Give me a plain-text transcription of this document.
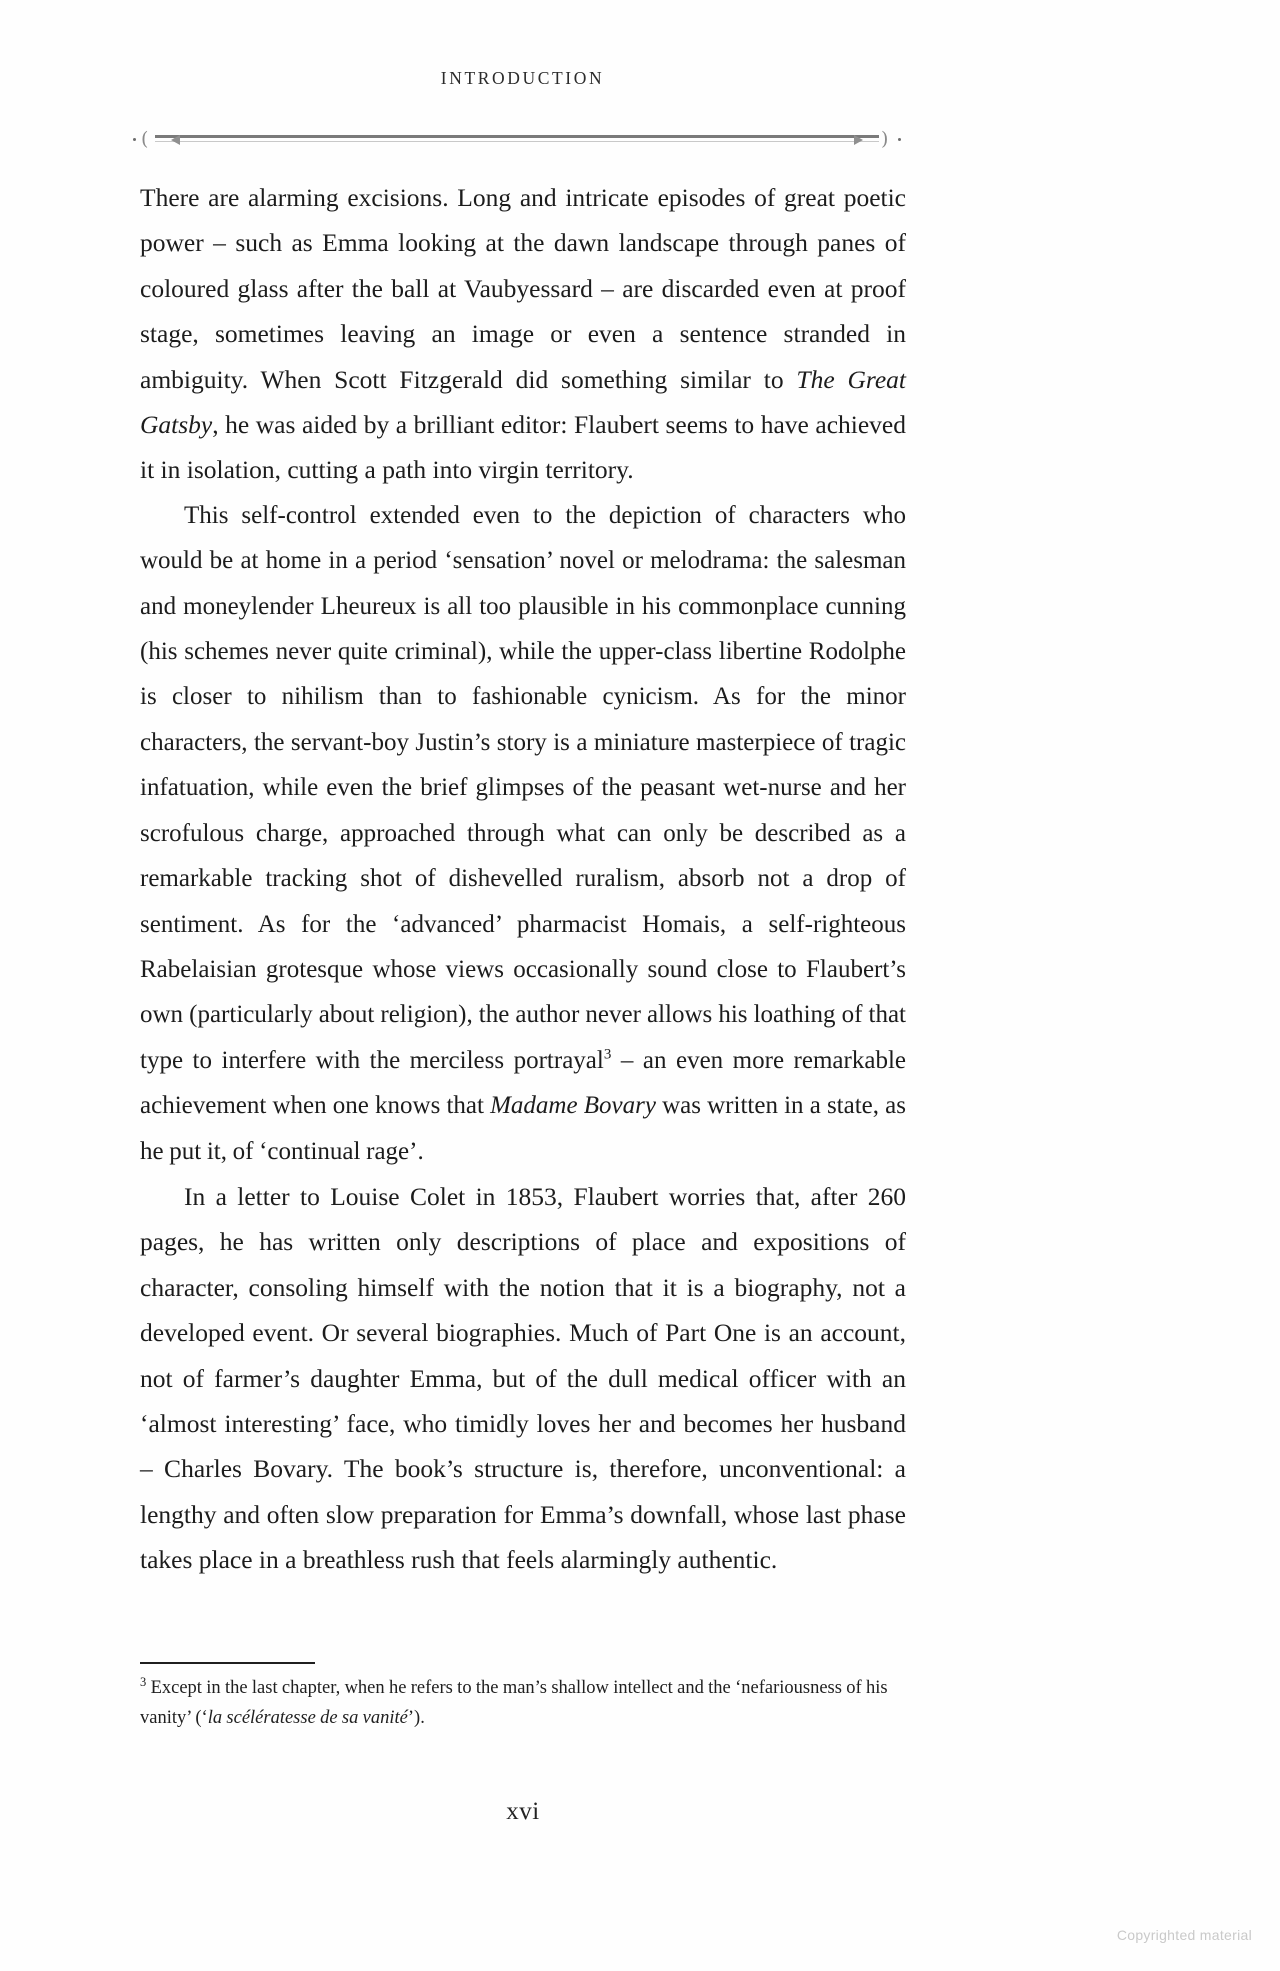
INTRODUCTION
(	)

There are alarming excisions. Long and intricate episodes of great poetic power – such as Emma looking at the dawn landscape through panes of coloured glass after the ball at Vaubyessard – are discarded even at proof stage, sometimes leaving an image or even a sentence stranded in ambiguity. When Scott Fitzgerald did something similar to The Great Gatsby, he was aided by a brilliant editor: Flaubert seems to have achieved it in isolation, cutting a path into virgin territory.

This self-control extended even to the depiction of characters who would be at home in a period ‘sensation’ novel or melodrama: the salesman and moneylender Lheureux is all too plausible in his commonplace cunning (his schemes never quite criminal), while the upper-class libertine Rodolphe is closer to nihilism than to fashionable cynicism. As for the minor characters, the servant-boy Justin’s story is a miniature masterpiece of tragic infatuation, while even the brief glimpses of the peasant wet-nurse and her scrofulous charge, approached through what can only be described as a remarkable tracking shot of dishevelled ruralism, absorb not a drop of sentiment. As for the ‘advanced’ pharmacist Homais, a self-righteous Rabelaisian grotesque whose views occasionally sound close to Flaubert’s own (particularly about religion), the author never allows his loathing of that type to interfere with the merciless portrayal$^3$ – an even more remarkable achievement when one knows that Madame Bovary was written in a state, as he put it, of ‘continual rage’.

In a letter to Louise Colet in 1853, Flaubert worries that, after 260 pages, he has written only descriptions of place and expositions of character, consoling himself with the notion that it is a biography, not a developed event. Or several biographies. Much of Part One is an account, not of farmer’s daughter Emma, but of the dull medical officer with an ‘almost interesting’ face, who timidly loves her and becomes her husband – Charles Bovary. The book’s structure is, therefore, unconventional: a lengthy and often slow preparation for Emma’s downfall, whose last phase takes place in a breathless rush that feels alarmingly authentic.

$^3$ Except in the last chapter, when he refers to the man’s shallow intellect and the ‘nefariousness of his vanity’ (‘la scélératesse de sa vanité’).

xvi
Copyrighted material
